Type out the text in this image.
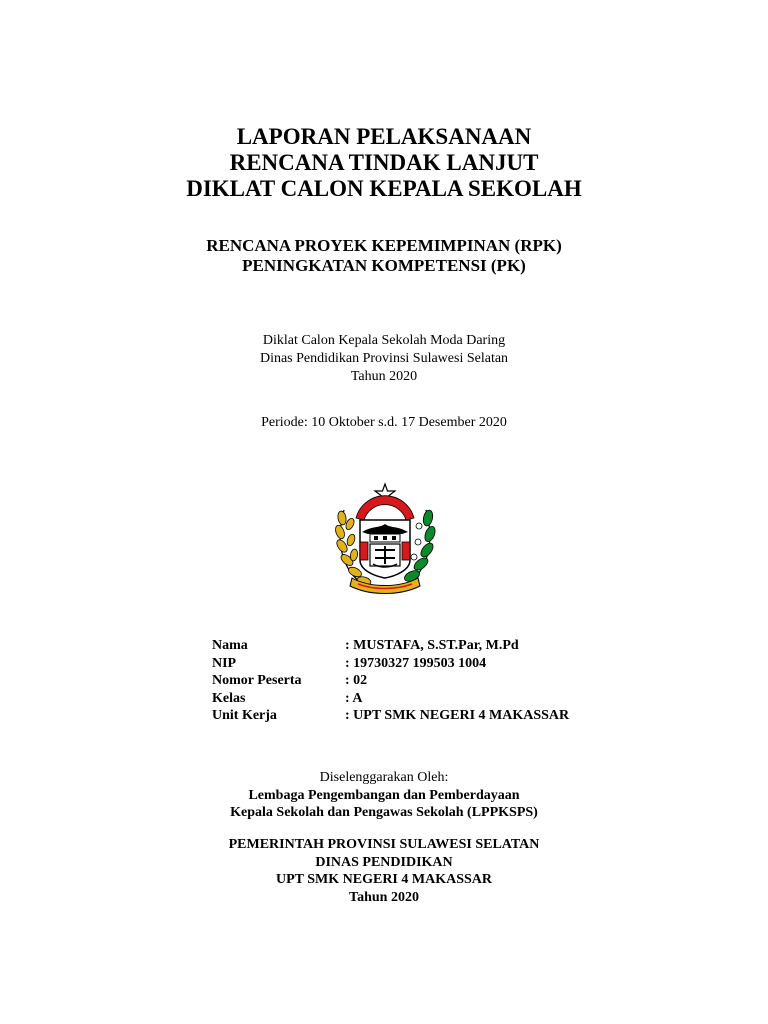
LAPORAN PELAKSANAAN
RENCANA TINDAK LANJUT
DIKLAT CALON KEPALA SEKOLAH
RENCANA PROYEK KEPEMIMPINAN (RPK)
PENINGKATAN KOMPETENSI (PK)
Diklat Calon Kepala Sekolah Moda Daring
Dinas Pendidikan Provinsi Sulawesi Selatan
Tahun 2020
Periode: 10 Oktober s.d. 17 Desember 2020
Nama	: MUSTAFA, S.ST.Par, M.Pd
NIP	: 19730327 199503 1004
Nomor Peserta	: 02
Kelas	: A
Unit Kerja	: UPT SMK NEGERI 4 MAKASSAR
Diselenggarakan Oleh:
Lembaga Pengembangan dan Pemberdayaan
Kepala Sekolah dan Pengawas Sekolah (LPPKSPS)
PEMERINTAH PROVINSI SULAWESI SELATAN
DINAS PENDIDIKAN
UPT SMK NEGERI 4 MAKASSAR
Tahun 2020
